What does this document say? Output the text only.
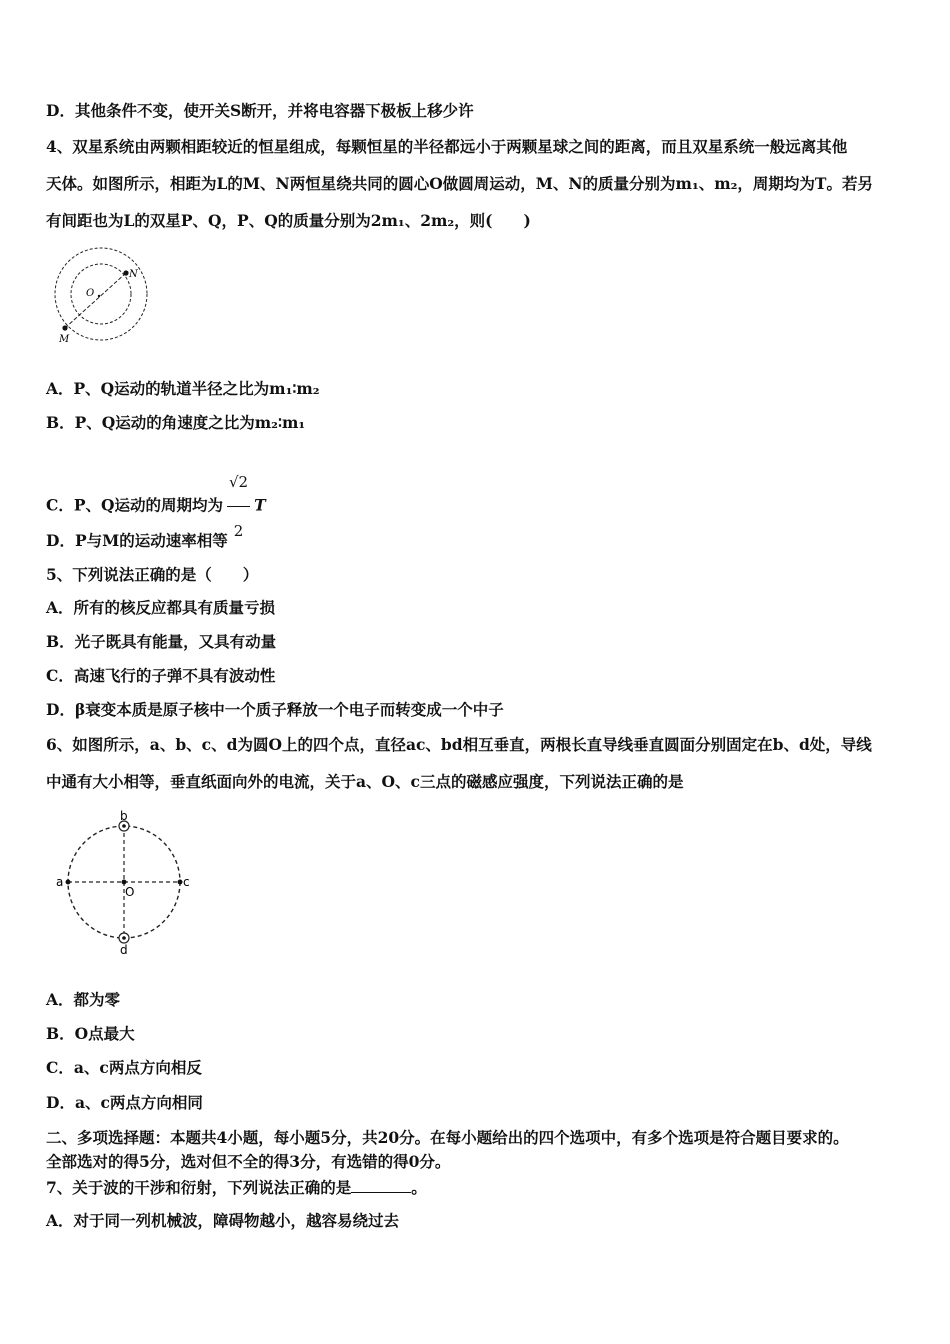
D．其他条件不变，使开关S断开，并将电容器下极板上移少许
4、双星系统由两颗相距较近的恒星组成，每颗恒星的半径都远小于两颗星球之间的距离，而且双星系统一般远离其他
天体。如图所示，相距为L的M、N两恒星绕共同的圆心O做圆周运动，M、N的质量分别为m₁、m₂，周期均为T。若另
有间距也为L的双星P、Q，P、Q的质量分别为2m₁、2m₂，则(　　)
O
N
M
A．P、Q运动的轨道半径之比为m₁∶m₂
B．P、Q运动的角速度之比为m₂∶m₁
C．P、Q运动的周期均为 $\frac{√2}{2}$ T
D．P与M的运动速率相等
5、下列说法正确的是（　　）
A．所有的核反应都具有质量亏损
B．光子既具有能量，又具有动量
C．高速飞行的子弹不具有波动性
D．β衰变本质是原子核中一个质子释放一个电子而转变成一个中子
6、如图所示，a、b、c、d为圆O上的四个点，直径ac、bd相互垂直，两根长直导线垂直圆面分别固定在b、d处，导线
中通有大小相等，垂直纸面向外的电流，关于a、O、c三点的磁感应强度，下列说法正确的是
a
b
c
d
O
A．都为零
B．O点最大
C．a、c两点方向相反
D．a、c两点方向相同
二、多项选择题：本题共4小题，每小题5分，共20分。在每小题给出的四个选项中，有多个选项是符合题目要求的。
全部选对的得5分，选对但不全的得3分，有选错的得0分。
7、关于波的干涉和衍射，下列说法正确的是	。
A．对于同一列机械波，障碍物越小，越容易绕过去
